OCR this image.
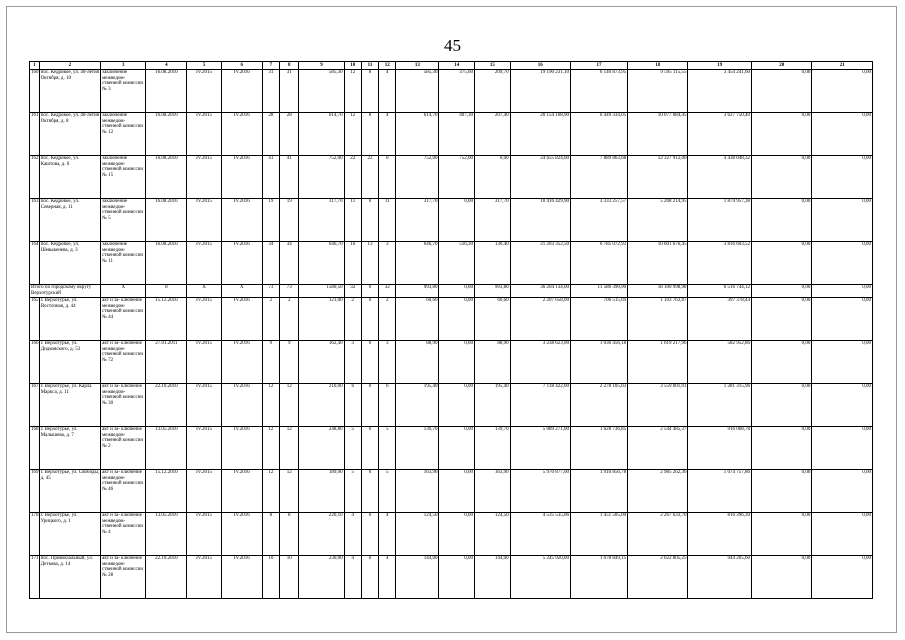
45
1	2	3	4	5	6	7	8	9	10	11	12	13	14	15	16	17	18	19	20	21
160	пос. Кедровое, ул. 40-летия Октября, д. 10	заключение межведом- ственной комиссии № 3	16.08.2010	IV.2015	IV.2016	31	31	585,30	12	8	4	585,30	375,60	209,70	19 190 231,10	6 140 873,95	9 595 115,55	3 454 241,60	0,00	0,00
161	пос. Кедровое, ул. 40-летия Октября, д. 8	заключение межведом- ственной комиссии № 12	16.08.2010	IV.2015	IV.2016	28	28	614,70	12	8	4	614,70	407,30	207,40	20 154 168,90	6 449 334,05	10 077 084,45	3 627 750,40	0,00	0,00
162	пос. Кедровое, ул. Каштова, д. 6	заключение межведом- ственной комиссии № 15	16.08.2010	IV.2015	IV.2016	41	41	752,00	22	22	0	752,00	752,00	0,00	24 655 824,00	7 889 863,68	12 327 912,00	4 438 048,32	0,00	0,00
163	пос. Кедровое, ул. Северная, д. 11	заключение межведом- ственной комиссии № 5	16.08.2010	IV.2015	IV.2016	19	19	317,70	11	0	11	317,70	0,00	317,70	10 416 429,90	3 333 257,57	5 208 214,95	1 874 957,38	0,00	0,00
164	пос. Кедровое, ул. Шевыкенева, д. 3	заключение межведом- ственной комиссии № 11	16.08.2010	IV.2015	IV.2016	34	34	646,70	16	13	3	646,70	516,30	130,40	21 203 352,50	6 785 072,93	10 601 676,45	3 816 603,52	0,00	0,00
Итого по городскому округу Верхотурский		X	8	X	X	73	73	1580,50	32	0	32	993,80	0,00	993,80	36 204 134,00	11 586 390,90	18 100 998,98	6 516 744,12	0,00	0,00
165	г. Верхотурье, ул. Восточная, д. 44	акт и за- ключение межведом- ственной комиссии № 44	15.12.2010	IV.2015	IV.2016	2	2	121,00	2	0	2	60,60	0,00	60,60	2 207 658,00	706 515,69	1 103 763,87	397 378,44	0,00	0,00
166	г. Верхотурье, ул. Дидковского, д. 53	акт и за- ключение межведом- ственной комиссии № 72	27.01.2011	IV.2015	IV.2016	9	9	162,40	3	0	3	88,90	0,00	88,90	3 238 623,00	1 036 456,18	1 619 217,96	582 952,86	0,00	0,00
167	г. Верхотурье, ул. Карла Маркса, д. 11	акт и за- ключение межведом- ственной комиссии № 30	22.10.2010	IV.2015	IV.2016	12	12	210,00	6	0	6	195,40	0,00	195,40	7 118 422,00	2 278 105,03	3 559 001,01	1 281 315,96	0,00	0,00
168	г. Верхотурье, ул. Малышева, д. 7	акт и за- ключение межведом- ственной комиссии № 2	13.05.2010	IV.2015	IV.2016	12	12	248,80	5	0	5	139,70	0,00	139,70	5 089 271,00	1 628 736,85	2 544 485,37	916 068,78	0,00	0,00
169	г. Верхотурье, ул. Свободы, д. 45	акт и за- ключение межведом- ственной комиссии № 46	15.12.2010	IV.2015	IV.2016	12	12	189,90	5	0	5	163,90	0,00	163,90	5 970 877,00	1 910 856,78	2 985 262,36	1 074 757,86	0,00	0,00
170	г. Верхотурье, ул. Урицкого, д. 1	акт и за- ключение межведом- ственной комиссии № 4	13.05.2010	IV.2015	IV.2016	8	8	220,10	4	0	4	124,50	0,00	124,50	4 535 535,06	1 451 505,00	2 267 633,70	816 396,30	0,00	0,00
171	пос. Привокзальный, ул. Деткова, д. 14	акт и за- ключение межведом- ственной комиссии № 28	22.10.2010	IV.2015	IV.2016	10	10	230,00	4	0	4	144,00	0,00	144,00	5 245 920,00	1 678 849,15	2 622 805,25	944 265,60	0,00	0,00
